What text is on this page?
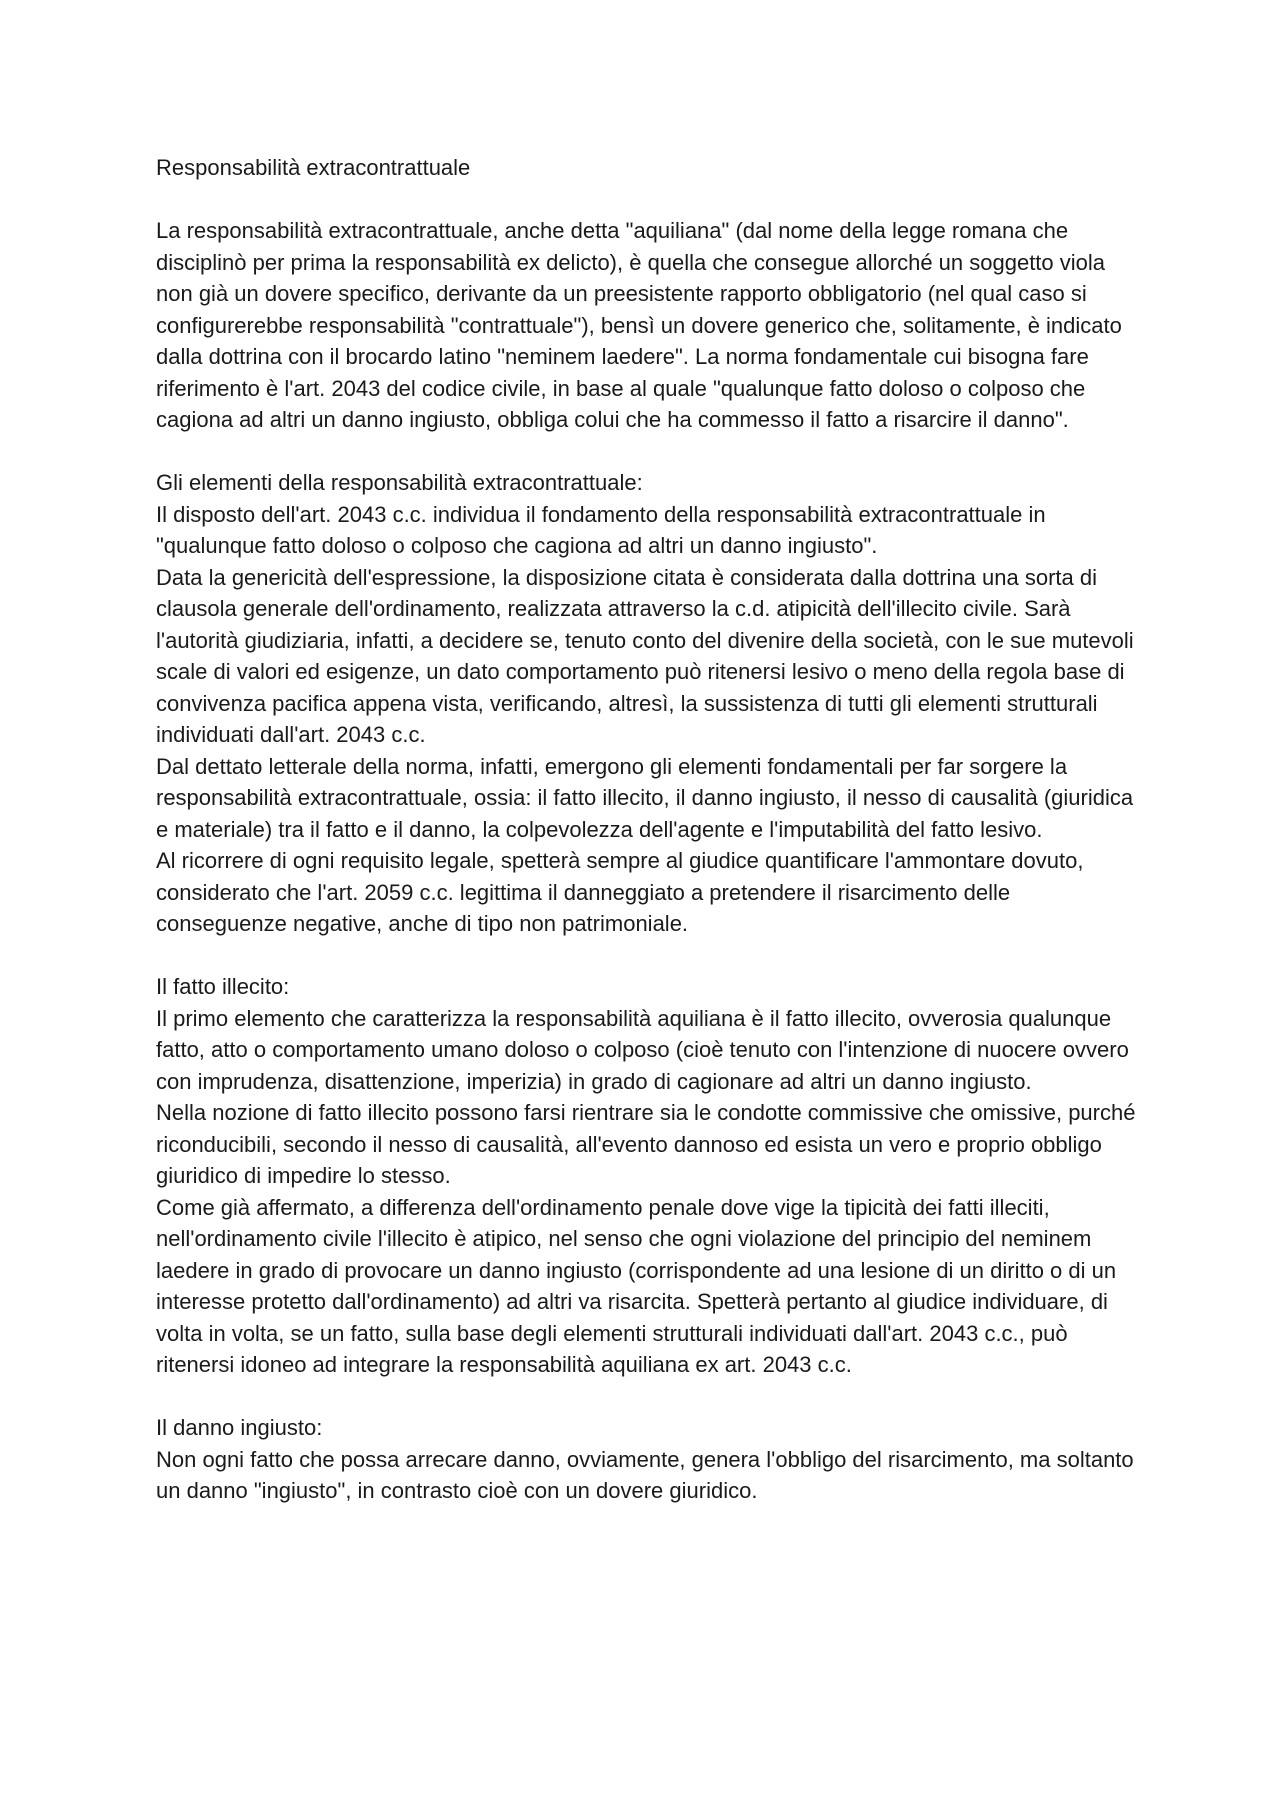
Responsabilità extracontrattuale

La responsabilità extracontrattuale, anche detta "aquiliana" (dal nome della legge romana che disciplinò per prima la responsabilità ex delicto), è quella che consegue allorché un soggetto viola non già un dovere specifico, derivante da un preesistente rapporto obbligatorio (nel qual caso si configurerebbe responsabilità "contrattuale"), bensì un dovere generico che, solitamente, è indicato dalla dottrina con il brocardo latino "neminem laedere". La norma fondamentale cui bisogna fare riferimento è l'art. 2043 del codice civile, in base al quale "qualunque fatto doloso o colposo che cagiona ad altri un danno ingiusto, obbliga colui che ha commesso il fatto a risarcire il danno".

Gli elementi della responsabilità extracontrattuale:

Il disposto dell'art. 2043 c.c. individua il fondamento della responsabilità extracontrattuale in "qualunque fatto doloso o colposo che cagiona ad altri un danno ingiusto".

Data la genericità dell'espressione, la disposizione citata è considerata dalla dottrina una sorta di clausola generale dell'ordinamento, realizzata attraverso la c.d. atipicità dell'illecito civile. Sarà l'autorità giudiziaria, infatti, a decidere se, tenuto conto del divenire della società, con le sue mutevoli scale di valori ed esigenze, un dato comportamento può ritenersi lesivo o meno della regola base di convivenza pacifica appena vista, verificando, altresì, la sussistenza di tutti gli elementi strutturali individuati dall'art. 2043 c.c.

Dal dettato letterale della norma, infatti, emergono gli elementi fondamentali per far sorgere la responsabilità extracontrattuale, ossia: il fatto illecito, il danno ingiusto, il nesso di causalità (giuridica e materiale) tra il fatto e il danno, la colpevolezza dell'agente e l'imputabilità del fatto lesivo.

Al ricorrere di ogni requisito legale, spetterà sempre al giudice quantificare l'ammontare dovuto, considerato che l'art. 2059 c.c. legittima il danneggiato a pretendere il risarcimento delle conseguenze negative, anche di tipo non patrimoniale.

Il fatto illecito:

Il primo elemento che caratterizza la responsabilità aquiliana è il fatto illecito, ovverosia qualunque fatto, atto o comportamento umano doloso o colposo (cioè tenuto con l'intenzione di nuocere ovvero con imprudenza, disattenzione, imperizia) in grado di cagionare ad altri un danno ingiusto.

Nella nozione di fatto illecito possono farsi rientrare sia le condotte commissive che omissive, purché riconducibili, secondo il nesso di causalità, all'evento dannoso ed esista un vero e proprio obbligo giuridico di impedire lo stesso.

Come già affermato, a differenza dell'ordinamento penale dove vige la tipicità dei fatti illeciti, nell'ordinamento civile l'illecito è atipico, nel senso che ogni violazione del principio del neminem laedere in grado di provocare un danno ingiusto (corrispondente ad una lesione di un diritto o di un interesse protetto dall'ordinamento) ad altri va risarcita. Spetterà pertanto al giudice individuare, di volta in volta, se un fatto, sulla base degli elementi strutturali individuati dall'art. 2043 c.c., può ritenersi idoneo ad integrare la responsabilità aquiliana ex art. 2043 c.c.

Il danno ingiusto:

Non ogni fatto che possa arrecare danno, ovviamente, genera l'obbligo del risarcimento, ma soltanto un danno "ingiusto", in contrasto cioè con un dovere giuridico.
